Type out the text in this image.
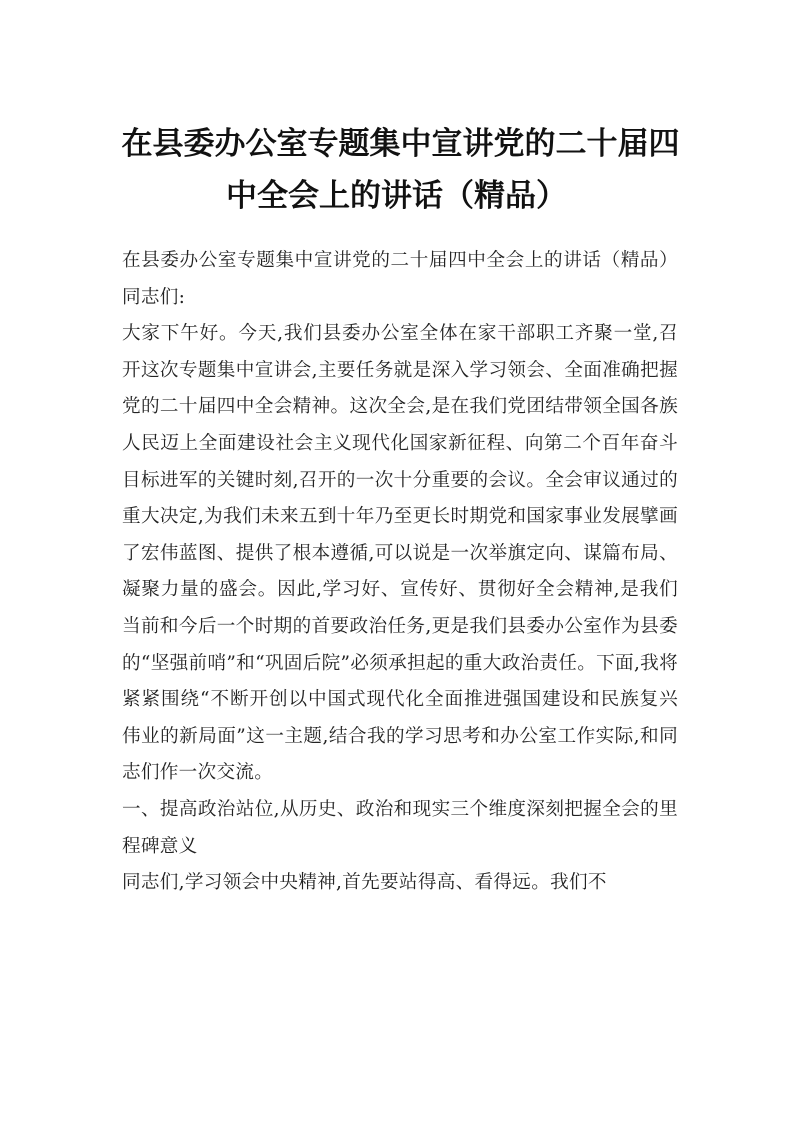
在县委办公室专题集中宣讲党的二十届四
中全会上的讲话（精品）

在县委办公室专题集中宣讲党的二十届四中全会上的讲话（精品）同志们:

大家下午好。今天,我们县委办公室全体在家干部职工齐聚一堂,召开这次专题集中宣讲会,主要任务就是深入学习领会、全面准确把握党的二十届四中全会精神。这次全会,是在我们党团结带领全国各族人民迈上全面建设社会主义现代化国家新征程、向第二个百年奋斗目标进军的关键时刻,召开的一次十分重要的会议。全会审议通过的重大决定,为我们未来五到十年乃至更长时期党和国家事业发展擘画了宏伟蓝图、提供了根本遵循,可以说是一次举旗定向、谋篇布局、凝聚力量的盛会。因此,学习好、宣传好、贯彻好全会精神,是我们当前和今后一个时期的首要政治任务,更是我们县委办公室作为县委的“坚强前哨”和“巩固后院”必须承担起的重大政治责任。下面,我将紧紧围绕“不断开创以中国式现代化全面推进强国建设和民族复兴伟业的新局面”这一主题,结合我的学习思考和办公室工作实际,和同志们作一次交流。

一、提高政治站位,从历史、政治和现实三个维度深刻把握全会的里程碑意义

同志们,学习领会中央精神,首先要站得高、看得远。我们不
